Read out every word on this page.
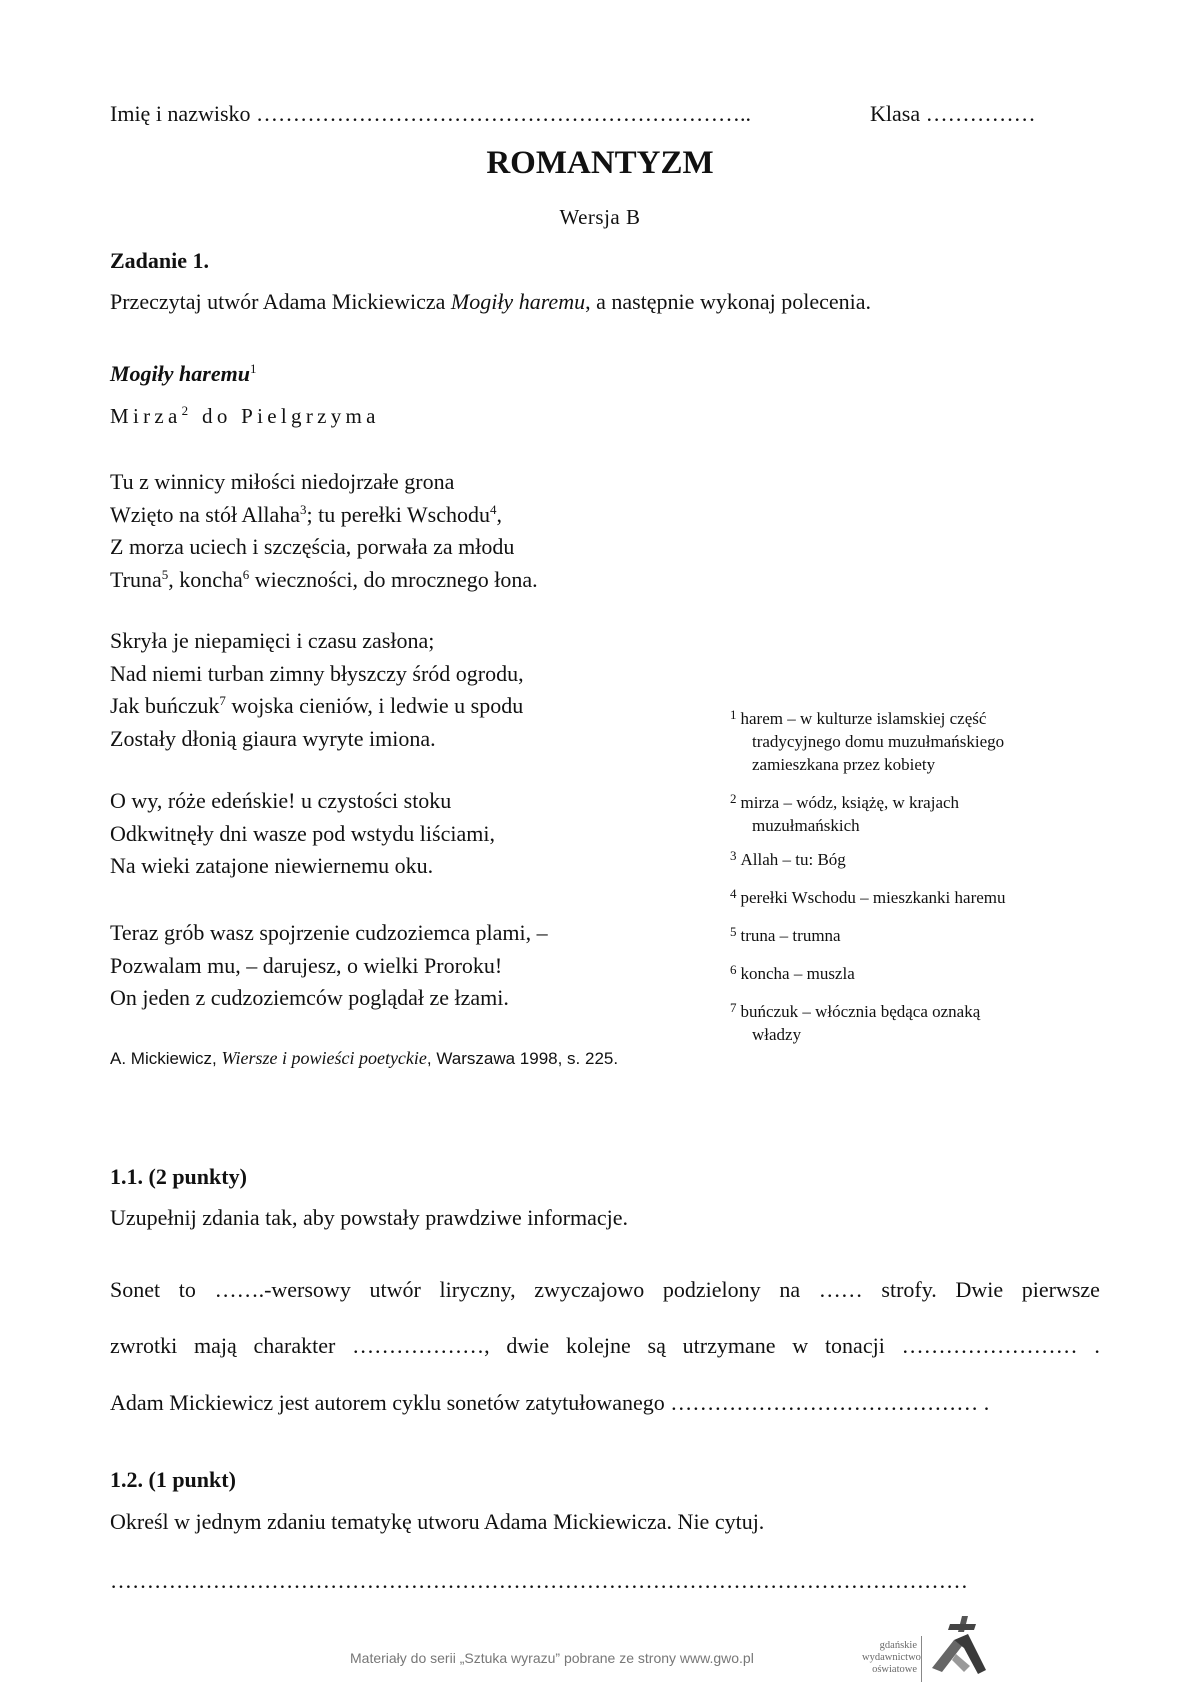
Imię i nazwisko …………………………………………………………..	Klasa ……………
ROMANTYZM
Wersja B
Zadanie 1.
Przeczytaj utwór Adama Mickiewicza Mogiły haremu, a następnie wykonaj polecenia.
Mogiły haremu$^1$
Mirza$^2$ do Pielgrzyma

Tu z winnicy miłości niedojrzałe grona

Wzięto na stół Allaha$^3$; tu perełki Wschodu$^4$,

Z morza uciech i szczęścia, porwała za młodu

Truna$^5$, koncha$^6$ wieczności, do mrocznego łona.

Skryła je niepamięci i czasu zasłona;

Nad niemi turban zimny błyszczy śród ogrodu,

Jak buńczuk$^7$ wojska cieniów, i ledwie u spodu

Zostały dłonią giaura wyryte imiona.

O wy, róże edeńskie! u czystości stoku

Odkwitnęły dni wasze pod wstydu liściami,

Na wieki zatajone niewiernemu oku.

Teraz grób wasz spojrzenie cudzoziemca plami, –

Pozwalam mu, – darujesz, o wielki Proroku!

On jeden z cudzoziemców poglądał ze łzami.

A. Mickiewicz, Wiersze i powieści poetyckie, Warszawa 1998, s. 225.
1 harem – w kulturze islamskiej część
tradycyjnego domu muzułmańskiego
zamieszkana przez kobiety
2 mirza – wódz, książę, w krajach
muzułmańskich
3 Allah – tu: Bóg
4 perełki Wschodu – mieszkanki haremu
5 truna – trumna
6 koncha – muszla
7 buńczuk – włócznia będąca oznaką
władzy
1.1. (2 punkty)
Uzupełnij zdania tak, aby powstały prawdziwe informacje.
Sonet to …….-wersowy utwór liryczny, zwyczajowo podzielony na …… strofy. Dwie pierwsze
zwrotki mają charakter ………………, dwie kolejne są utrzymane w tonacji …………………… .
Adam Mickiewicz jest autorem cyklu sonetów zatytułowanego …………………………………… .
1.2. (1 punkt)
Określ w jednym zdaniu tematykę utworu Adama Mickiewicza. Nie cytuj.
………………………………………………………………………………………………………
Materiały do serii „Sztuka wyrazu” pobrane ze strony www.gwo.pl
gdańskie
wydawnictwo
oświatowe
